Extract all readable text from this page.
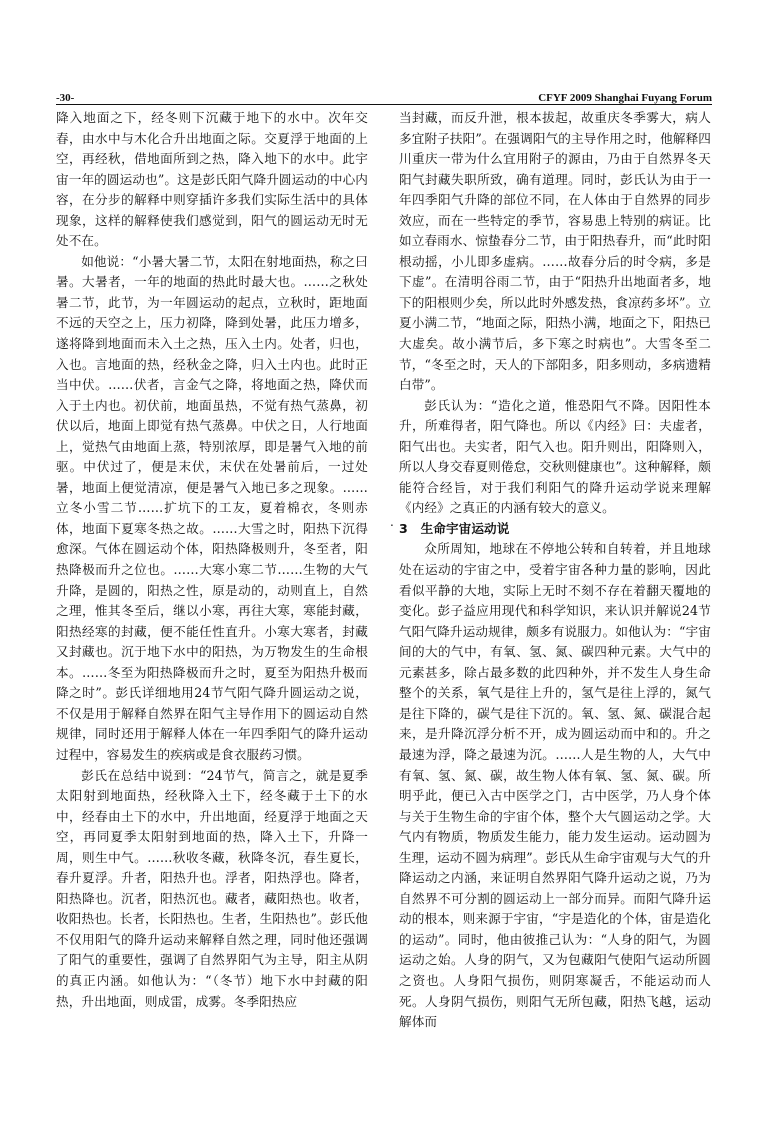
-30-	CFYF 2009 Shanghai Fuyang Forum

降入地面之下，经冬则下沉藏于地下的水中。次年交春，由水中与木化合升出地面之际。交夏浮于地面的上空，再经秋，借地面所到之热，降入地下的水中。此宇宙一年的圆运动也”。这是彭氏阳气降升圆运动的中心内容，在分步的解释中则穿插许多我们实际生活中的具体现象，这样的解释使我们感觉到，阳气的圆运动无时无处不在。

如他说：“小暑大暑二节，太阳在射地面热，称之曰暑。大暑者，一年的地面的热此时最大也。……之秋处暑二节，此节，为一年圆运动的起点，立秋时，距地面不远的天空之上，压力初降，降到处暑，此压力增多，遂将降到地面而未入土之热，压入土内。处者，归也，入也。言地面的热，经秋金之降，归入土内也。此时正当中伏。……伏者，言金气之降，将地面之热，降伏而入于土内也。初伏前，地面虽热，不觉有热气蒸鼻，初伏以后，地面上即觉有热气蒸鼻。中伏之日，人行地面上，觉热气由地面上蒸，特别浓厚，即是暑气入地的前驱。中伏过了，便是末伏，末伏在处暑前后，一过处暑，地面上便觉清凉，便是暑气入地已多之现象。……立冬小雪二节……扩坑下的工友，夏着棉衣，冬则赤体，地面下夏寒冬热之故。……大雪之时，阳热下沉得愈深。气体在圆运动个体，阳热降极则升，冬至者，阳热降极而升之位也。……大寒小寒二节……生物的大气升降，是圆的，阳热之性，原是动的，动则直上，自然之理，惟其冬至后，继以小寒，再往大寒，寒能封藏，阳热经寒的封藏，便不能任性直升。小寒大寒者，封藏又封藏也。沉于地下水中的阳热，为万物发生的生命根本。……冬至为阳热降极而升之时，夏至为阳热升极而降之时”。彭氏详细地用24节气阳气降升圆运动之说，不仅是用于解释自然界在阳气主导作用下的圆运动自然规律，同时还用于解释人体在一年四季阳气的降升运动过程中，容易发生的疾病或是食衣服药习惯。

彭氏在总结中说到：“24节气，简言之，就是夏季太阳射到地面热，经秋降入土下，经冬藏于土下的水中，经春由土下的水中，升出地面，经夏浮于地面之天空，再同夏季太阳射到地面的热，降入土下，升降一周，则生中气。……秋收冬藏，秋降冬沉，春生夏长，春升夏浮。升者，阳热升也。浮者，阳热浮也。降者，阳热降也。沉者，阳热沉也。藏者，藏阳热也。收者，收阳热也。长者，长阳热也。生者，生阳热也”。彭氏他不仅用阳气的降升运动来解释自然之理，同时他还强调了阳气的重要性，强调了自然界阳气为主导，阳主从阴的真正内涵。如他认为：“（冬节）地下水中封藏的阳热，升出地面，则成雷，成雾。冬季阳热应

.

当封藏，而反升泄，根本拔起，故重庆冬季雾大，病人多宜附子扶阳”。在强调阳气的主导作用之时，他解释四川重庆一带为什么宜用附子的源由，乃由于自然界冬天阳气封藏失职所致，确有道理。同时，彭氏认为由于一年四季阳气升降的部位不同，在人体由于自然界的同步效应，而在一些特定的季节，容易患上特别的病证。比如立春雨水、惊蛰春分二节，由于阳热春升，而“此时阳根动摇，小儿即多虚病。……故春分后的时令病，多是下虚”。在清明谷雨二节，由于“阳热升出地面者多，地下的阳根则少矣，所以此时外感发热，食凉药多坏”。立夏小满二节，“地面之际，阳热小满，地面之下，阳热已大虚矣。故小满节后，多下寒之时病也”。大雪冬至二节，“冬至之时，天人的下部阳多，阳多则动，多病遗精白带”。

彭氏认为：“造化之道，惟恐阳气不降。因阳性本升，所难得者，阳气降也。所以《内经》曰：夫虚者，阳气出也。夫实者，阳气入也。阳升则出，阳降则入，所以人身交春夏则倦怠，交秋则健康也”。这种解释，颇能符合经旨，对于我们利阳气的降升运动学说来理解《内经》之真正的内涵有较大的意义。

3  生命宇宙运动说

众所周知，地球在不停地公转和自转着，并且地球处在运动的宇宙之中，受着宇宙各种力量的影响，因此看似平静的大地，实际上无时不刻不存在着翻天覆地的变化。彭子益应用现代和科学知识，来认识并解说24节气阳气降升运动规律，颇多有说服力。如他认为：“宇宙间的大的气中，有氧、氢、氮、碳四种元素。大气中的元素甚多，除占最多数的此四种外，并不发生人身生命整个的关系，氧气是往上升的，氢气是往上浮的，氮气是往下降的，碳气是往下沉的。氧、氢、氮、碳混合起来，是升降沉浮分析不开，成为圆运动而中和的。升之最速为浮，降之最速为沉。……人是生物的人，大气中有氧、氢、氮、碳，故生物人体有氧、氢、氮、碳。所明乎此，便已入古中医学之门，古中医学，乃人身个体与关于生物生命的宇宙个体，整个大气圆运动之学。大气内有物质，物质发生能力，能力发生运动。运动圆为生理，运动不圆为病理”。彭氏从生命宇宙观与大气的升降运动之内涵，来证明自然界阳气降升运动之说，乃为自然界不可分割的圆运动上一部分而异。而阳气降升运动的根本，则来源于宇宙，“宇是造化的个体，宙是造化的运动”。同时，他由彼推己认为：“人身的阳气，为圆运动之始。人身的阴气，又为包藏阳气使阳气运动所圆之资也。人身阳气损伤，则阴寒凝舌，不能运动而人死。人身阴气损伤，则阳气无所包藏，阳热飞越，运动解体而
